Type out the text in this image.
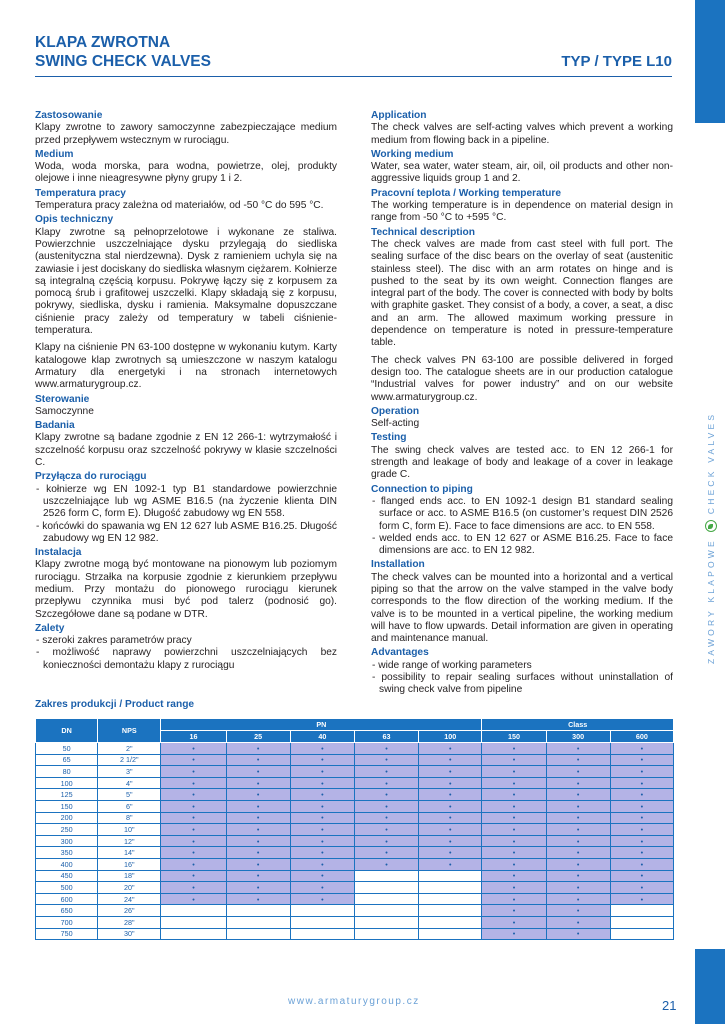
KLAPA ZWROTNA
SWING CHECK VALVES	TYP / TYPE L10
ZAWORY KLAPOWE
CHECK VALVES
Zastosowanie
Klapy zwrotne to zawory samoczynne zabezpieczające medium przed przepływem wstecznym w rurociągu.
Medium
Woda, woda morska, para wodna, powietrze, olej, produkty olejowe i inne nieagresywne płyny grupy 1 i 2.
Temperatura pracy
Temperatura pracy zależna od materiałów, od -50 °C do 595 °C.
Opis techniczny
Klapy zwrotne są pełnoprzelotowe i wykonane ze staliwa. Powierzchnie uszczelniające dysku przylegają do siedliska (austenityczna stal nierdzewna). Dysk z ramieniem uchyla się na zawiasie i jest dociskany do siedliska własnym ciężarem. Kołnierze są integralną częścią korpusu. Pokrywę łączy się z korpusem za pomocą śrub i grafitowej uszczelki. Klapy składają się z korpusu, pokrywy, siedliska, dysku i ramienia. Maksymalne dopuszczane ciśnienie pracy zależy od temperatury w tabeli ciśnienie-temperatura.
Klapy na ciśnienie PN 63-100 dostępne w wykonaniu kutym. Karty katalogowe klap zwrotnych są umieszczone w naszym katalogu Armatury dla energetyki i na stronach internetowych www.armaturygroup.cz.
Sterowanie
Samoczynne
Badania
Klapy zwrotne są badane zgodnie z EN 12 266-1: wytrzymałość i szczelność korpusu oraz szczelność pokrywy w klasie szczelności C.
Przyłącza do rurociągu
- kołnierze wg EN 1092-1 typ B1 standardowe powierzchnie uszczelniające lub wg ASME B16.5 (na życzenie klienta DIN 2526 form C, form E). Długość zabudowy wg EN 558.
- końcówki do spawania wg EN 12 627 lub ASME B16.25. Długość zabudowy wg EN 12 982.
Instalacja
Klapy zwrotne mogą być montowane na pionowym lub poziomym rurociągu. Strzałka na korpusie zgodnie z kierunkiem przepływu medium. Przy montażu do pionowego rurociągu kierunek przepływu czynnika musi być pod talerz (podnosić go). Szczegółowe dane są podane w DTR.
Zalety
- szeroki zakres parametrów pracy
- możliwość naprawy powierzchni uszczelniających bez konieczności demontażu klapy z rurociągu
Application
The check valves are self-acting valves which prevent a working medium from flowing back in a pipeline.
Working medium
Water, sea water, water steam, air, oil, oil products and other non-aggressive liquids group 1 and 2.
Pracovní teplota / Working temperature
The working temperature is in dependence on material design in range from -50 °C to +595 °C.
Technical description
The check valves are made from cast steel with full port. The sealing surface of the disc bears on the overlay of seat (austenitic stainless steel). The disc with an arm rotates on hinge and is pushed to the seat by its own weight. Connection flanges are integral part of the body. The cover is connected with body by bolts with graphite gasket. They consist of a body, a cover, a seat, a disc and an arm. The allowed maximum working pressure in dependence on temperature is noted in pressure-temperature table.
The check valves PN 63-100 are possible delivered in forged design too. The catalogue sheets are in our production catalogue “Industrial valves for power industry” and on our website www.armaturygroup.cz.
Operation
Self-acting
Testing
The swing check valves are tested acc. to EN 12 266-1 for strength and leakage of body and leakage of a cover in leakage grade C.
Connection to piping
- flanged ends acc. to EN 1092-1 design B1 standard sealing surface or acc. to ASME B16.5 (on customer’s request DIN 2526 form C, form E). Face to face dimensions are acc. to EN 558.
- welded ends acc. to EN 12 627 or ASME B16.25. Face to face dimensions are acc. to EN 12 982.
Installation
The check valves can be mounted into a horizontal and a vertical piping so that the arrow on the valve stamped in the valve body corresponds to the flow direction of the working medium. If the valve is to be mounted in a vertical pipeline, the working medium will have to flow upwards. Detail information are given in operating and maintenance manual.
Advantages
- wide range of working parameters
- possibility to repair sealing surfaces without uninstallation of swing check valve from pipeline
Zakres produkcji / Product range
DN	NPS	PN					Class		
		16	25	40	63	100	150	300	600
50	2"	•	•	•	•	•	•	•	•
65	2 1/2"	•	•	•	•	•	•	•	•
80	3"	•	•	•	•	•	•	•	•
100	4"	•	•	•	•	•	•	•	•
125	5"	•	•	•	•	•	•	•	•
150	6"	•	•	•	•	•	•	•	•
200	8"	•	•	•	•	•	•	•	•
250	10"	•	•	•	•	•	•	•	•
300	12"	•	•	•	•	•	•	•	•
350	14"	•	•	•	•	•	•	•	•
400	16"	•	•	•	•	•	•	•	•
450	18"	•	•	•			•	•	•
500	20"	•	•	•			•	•	•
600	24"	•	•	•			•	•	•
650	26"						•	•	
700	28"						•	•	
750	30"						•	•	
www.armaturygroup.cz	21
